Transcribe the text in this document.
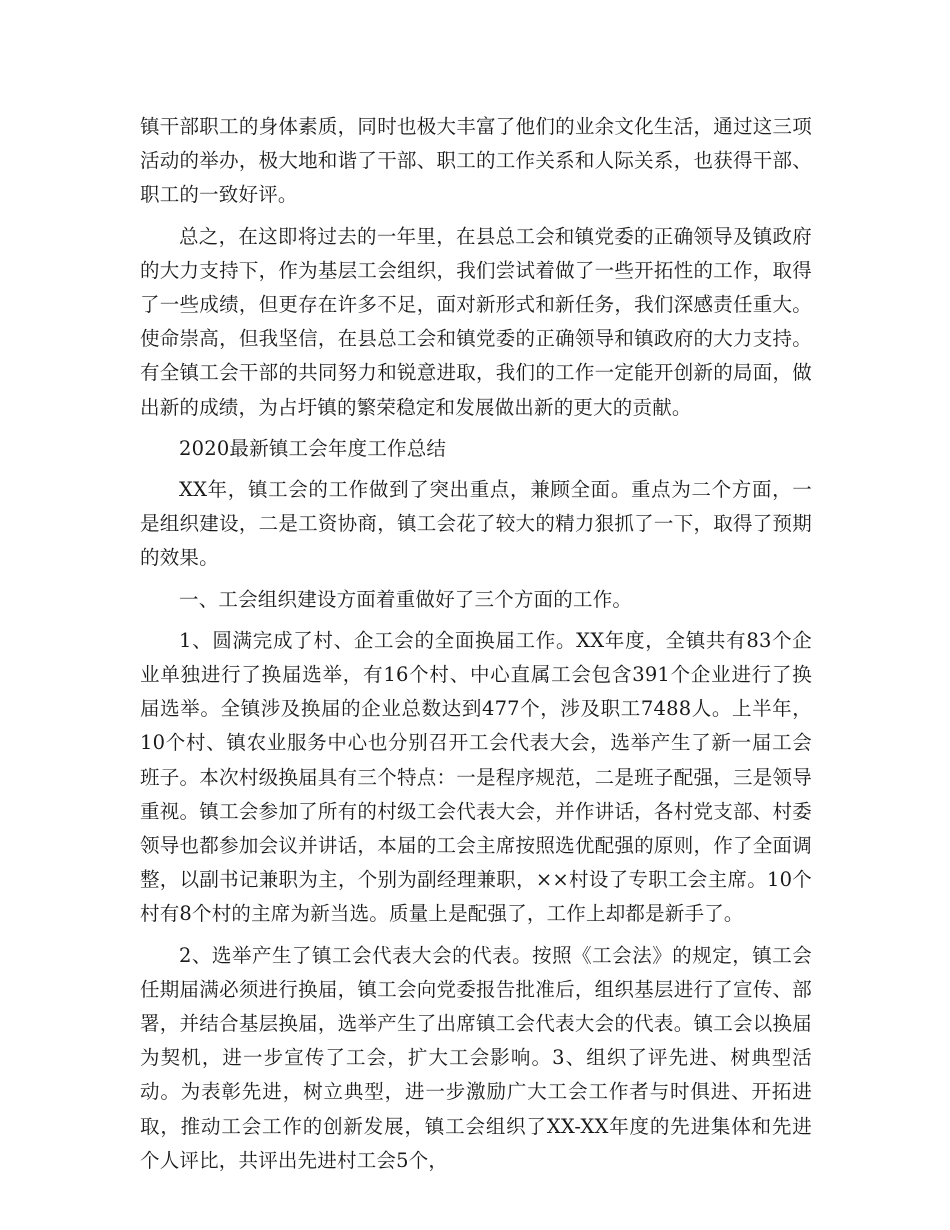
镇干部职工的身体素质，同时也极大丰富了他们的业余文化生活，通过这三项活动的举办，极大地和谐了干部、职工的工作关系和人际关系，也获得干部、职工的一致好评。

总之，在这即将过去的一年里，在县总工会和镇党委的正确领导及镇政府的大力支持下，作为基层工会组织，我们尝试着做了一些开拓性的工作，取得了一些成绩，但更存在许多不足，面对新形式和新任务，我们深感责任重大。使命崇高，但我坚信，在县总工会和镇党委的正确领导和镇政府的大力支持。有全镇工会干部的共同努力和锐意进取，我们的工作一定能开创新的局面，做出新的成绩，为占圩镇的繁荣稳定和发展做出新的更大的贡献。

2020最新镇工会年度工作总结

XX年，镇工会的工作做到了突出重点，兼顾全面。重点为二个方面，一是组织建设，二是工资协商，镇工会花了较大的精力狠抓了一下，取得了预期的效果。

一、工会组织建设方面着重做好了三个方面的工作。

1、圆满完成了村、企工会的全面换届工作。XX年度，全镇共有83个企业单独进行了换届选举，有16个村、中心直属工会包含391个企业进行了换届选举。全镇涉及换届的企业总数达到477个，涉及职工7488人。上半年，10个村、镇农业服务中心也分别召开工会代表大会，选举产生了新一届工会班子。本次村级换届具有三个特点：一是程序规范，二是班子配强，三是领导重视。镇工会参加了所有的村级工会代表大会，并作讲话，各村党支部、村委领导也都参加会议并讲话，本届的工会主席按照选优配强的原则，作了全面调整，以副书记兼职为主，个别为副经理兼职，××村设了专职工会主席。10个村有8个村的主席为新当选。质量上是配强了，工作上却都是新手了。

2、选举产生了镇工会代表大会的代表。按照《工会法》的规定，镇工会任期届满必须进行换届，镇工会向党委报告批准后，组织基层进行了宣传、部署，并结合基层换届，选举产生了出席镇工会代表大会的代表。镇工会以换届为契机，进一步宣传了工会，扩大工会影响。3、组织了评先进、树典型活动。为表彰先进，树立典型，进一步激励广大工会工作者与时俱进、开拓进取，推动工会工作的创新发展，镇工会组织了XX-XX年度的先进集体和先进个人评比，共评出先进村工会5个，
